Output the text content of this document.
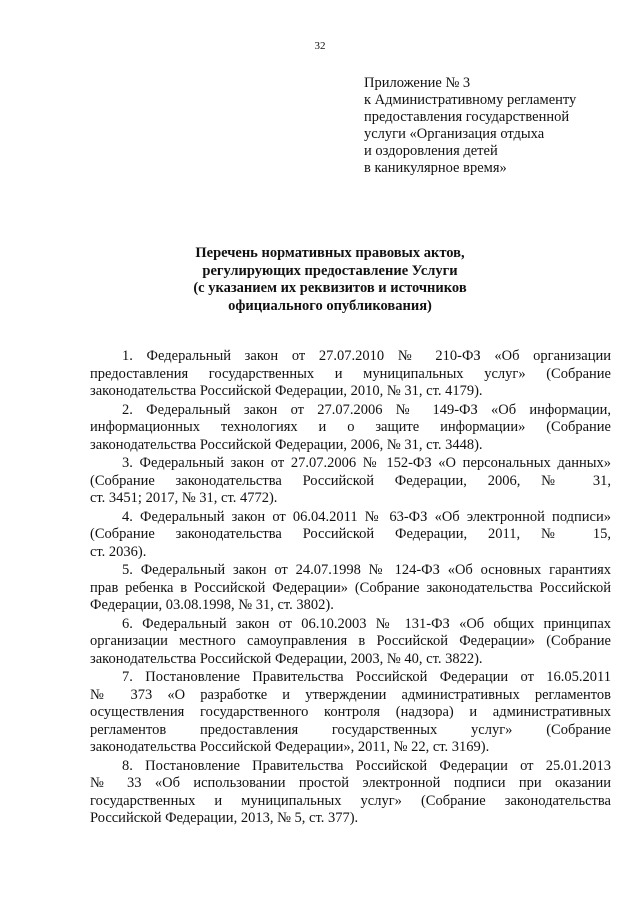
32
Приложение № 3
к Административному регламенту
предоставления государственной
услуги «Организация отдыха
и оздоровления детей
в каникулярное время»
Перечень нормативных правовых актов,
регулирующих предоставление Услуги
(с указанием их реквизитов и источников
официального опубликования)
1. Федеральный закон от 27.07.2010 № 210-ФЗ «Об организации
предоставления государственных и муниципальных услуг» (Собрание
законодательства Российской Федерации, 2010, № 31, ст. 4179).
2. Федеральный закон от 27.07.2006 № 149-ФЗ «Об информации,
информационных технологиях и о защите информации» (Собрание
законодательства Российской Федерации, 2006, № 31, ст. 3448).
3. Федеральный закон от 27.07.2006 № 152-ФЗ «О персональных данных»
(Собрание законодательства Российской Федерации, 2006, № 31,
ст. 3451; 2017, № 31, ст. 4772).
4. Федеральный закон от 06.04.2011 № 63-ФЗ «Об электронной подписи»
(Собрание законодательства Российской Федерации, 2011, № 15,
ст. 2036).
5. Федеральный закон от 24.07.1998 № 124-ФЗ «Об основных гарантиях
прав ребенка в Российской Федерации» (Собрание законодательства Российской
Федерации, 03.08.1998, № 31, ст. 3802).
6. Федеральный закон от 06.10.2003 № 131-ФЗ «Об общих принципах
организации местного самоуправления в Российской Федерации» (Собрание
законодательства Российской Федерации, 2003, № 40, ст. 3822).
7. Постановление Правительства Российской Федерации от 16.05.2011
№ 373 «О разработке и утверждении административных регламентов
осуществления государственного контроля (надзора) и административных
регламентов предоставления государственных услуг» (Собрание
законодательства Российской Федерации», 2011, № 22, ст. 3169).
8. Постановление Правительства Российской Федерации от 25.01.2013
№ 33 «Об использовании простой электронной подписи при оказании
государственных и муниципальных услуг» (Собрание законодательства
Российской Федерации, 2013, № 5, ст. 377).
